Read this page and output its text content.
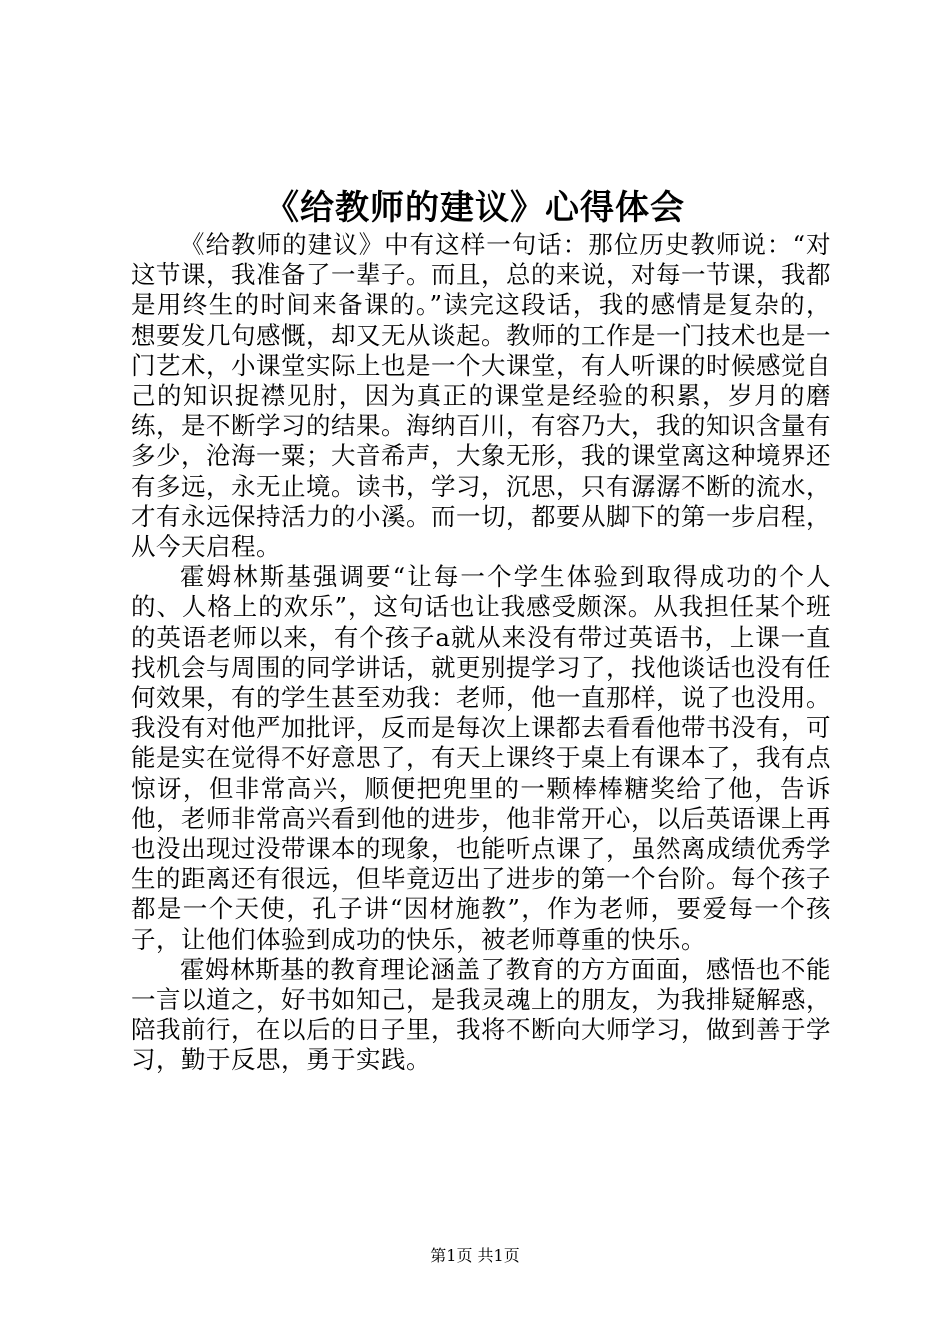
《给教师的建议》心得体会

《给教师的建议》中有这样一句话：那位历史教师说：“对这节课，我准备了一辈子。而且，总的来说，对每一节课，我都是用终生的时间来备课的。”读完这段话，我的感情是复杂的，想要发几句感慨，却又无从谈起。教师的工作是一门技术也是一门艺术，小课堂实际上也是一个大课堂，有人听课的时候感觉自己的知识捉襟见肘，因为真正的课堂是经验的积累，岁月的磨练，是不断学习的结果。海纳百川，有容乃大，我的知识含量有多少，沧海一粟；大音希声，大象无形，我的课堂离这种境界还有多远，永无止境。读书，学习，沉思，只有潺潺不断的流水，才有永远保持活力的小溪。而一切，都要从脚下的第一步启程，从今天启程。

霍姆林斯基强调要“让每一个学生体验到取得成功的个人的、人格上的欢乐”，这句话也让我感受颇深。从我担任某个班的英语老师以来，有个孩子a就从来没有带过英语书，上课一直找机会与周围的同学讲话，就更别提学习了，找他谈话也没有任何效果，有的学生甚至劝我：老师，他一直那样，说了也没用。我没有对他严加批评，反而是每次上课都去看看他带书没有，可能是实在觉得不好意思了，有天上课终于桌上有课本了，我有点惊讶，但非常高兴，顺便把兜里的一颗棒棒糖奖给了他，告诉他，老师非常高兴看到他的进步，他非常开心，以后英语课上再也没出现过没带课本的现象，也能听点课了，虽然离成绩优秀学生的距离还有很远，但毕竟迈出了进步的第一个台阶。每个孩子都是一个天使，孔子讲“因材施教”，作为老师，要爱每一个孩子，让他们体验到成功的快乐，被老师尊重的快乐。

霍姆林斯基的教育理论涵盖了教育的方方面面，感悟也不能一言以道之，好书如知己，是我灵魂上的朋友，为我排疑解惑，陪我前行，在以后的日子里，我将不断向大师学习，做到善于学习，勤于反思，勇于实践。

第1页 共1页
